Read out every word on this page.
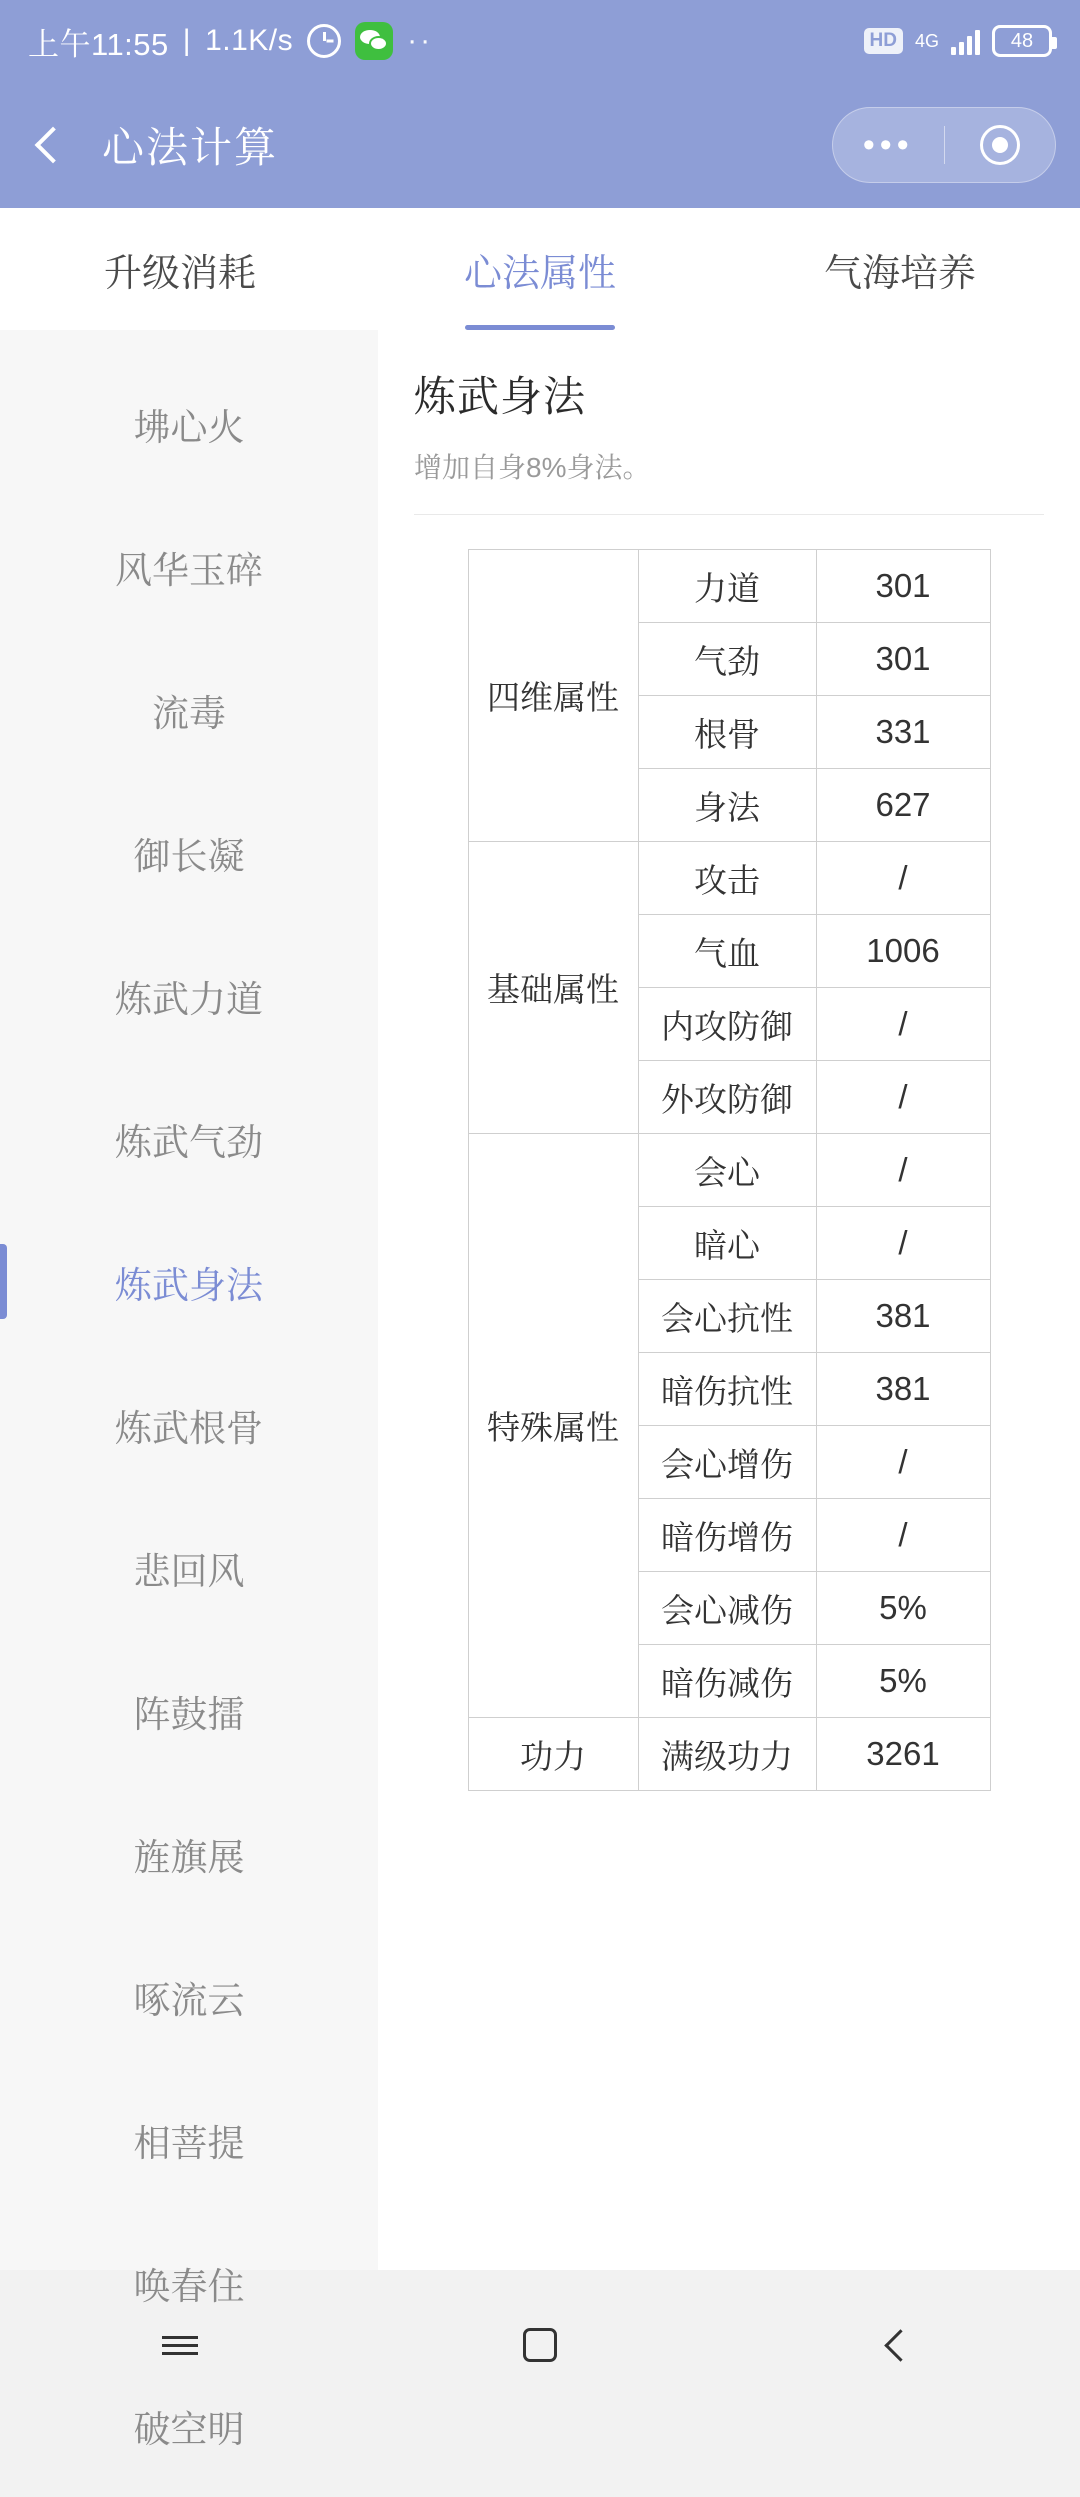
上午11:55 | 1.1K/s	··	HD	4G	48
心法计算	•••
升级消耗	心法属性	气海培养
坲心火
风华玉碎
流毒
御长凝
炼武力道
炼武气劲
炼武身法
炼武根骨
悲回风
阵鼓擂
旌旗展
啄流云
相菩提
唤春住
破空明
炼武身法
增加自身8%身法。
四维属性	力道	301
	气劲	301
	根骨	331
	身法	627
基础属性	攻击	/
	气血	1006
	内攻防御	/
	外攻防御	/
特殊属性	会心	/
	暗心	/
	会心抗性	381
	暗伤抗性	381
	会心增伤	/
	暗伤增伤	/
	会心减伤	5%
	暗伤减伤	5%
功力	满级功力	3261
